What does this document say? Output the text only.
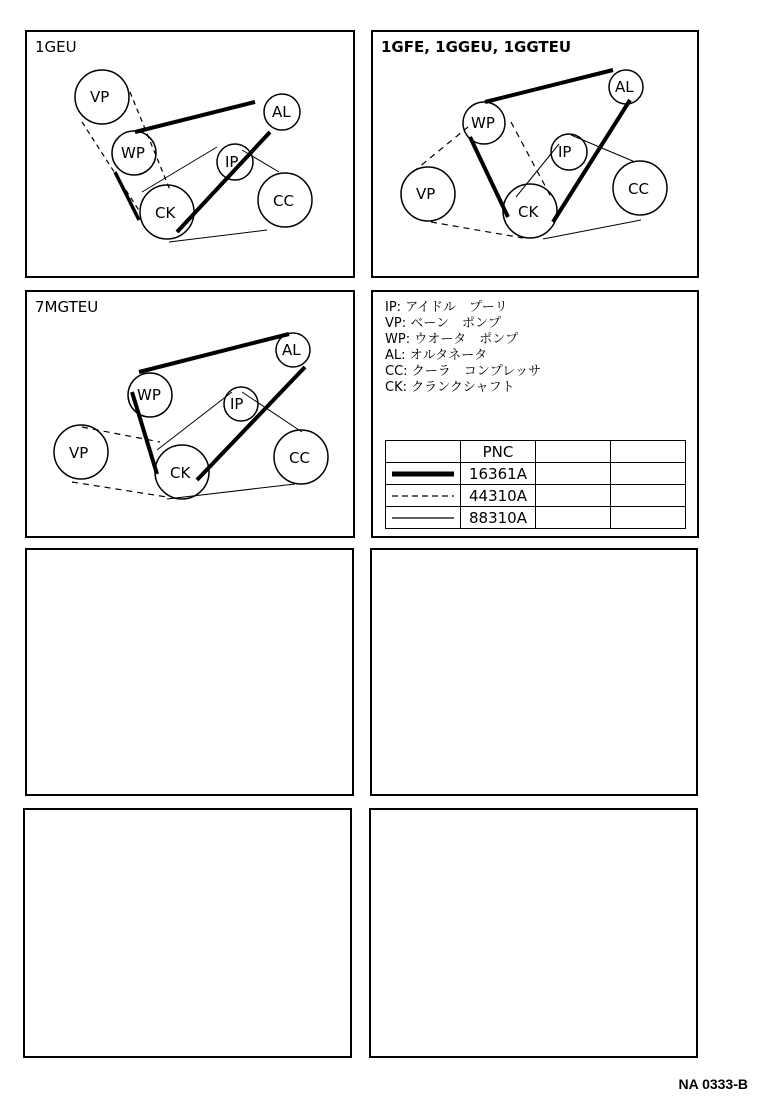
1GEU
VP
WP
AL
IP
CK
CC
1GFE, 1GGEU, 1GGTEU
VP
WP
AL
IP
CK
CC
7MGTEU
VP
WP
AL
IP
CK
CC
IP: アイドル　プーリ
VP: ベーン　ポンプ
WP: ウオータ　ポンプ
AL: オルタネータ
CC: クーラ　コンプレッサ
CK: クランクシャフト
	PNC		
	16361A		
	44310A		
	88310A		
NA 0333-B
